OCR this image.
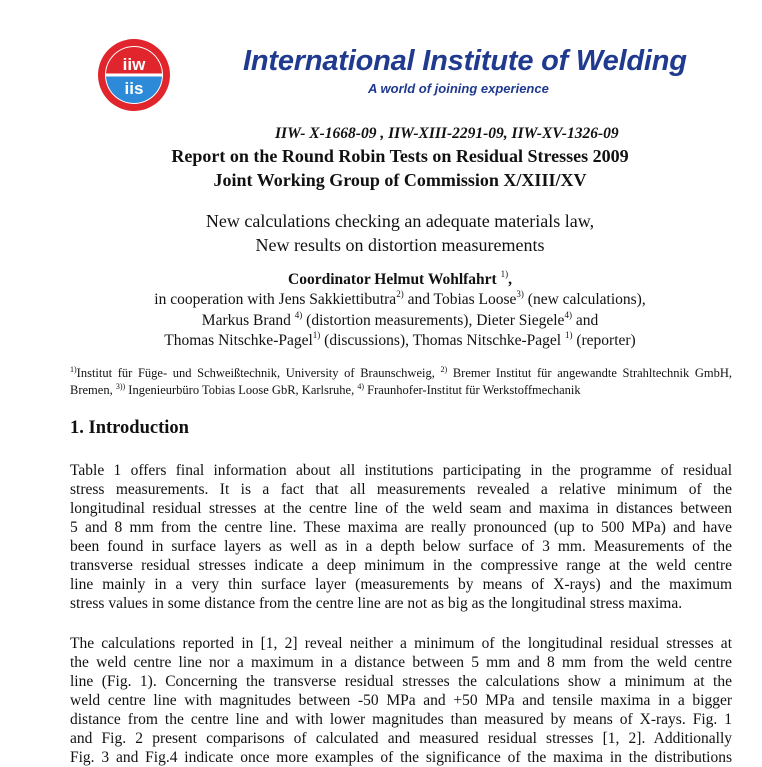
iiw
iis
International Institute of Welding

A world of joining experience

IIW- X-1668-09 , IIW-XIII-2291-09, IIW-XV-1326-09
Report on the Round Robin Tests on Residual Stresses 2009
Joint Working Group of Commission X/XIII/XV
New calculations checking an adequate materials law,
New results on distortion measurements
Coordinator Helmut Wohlfahrt $^{1)}$,
in cooperation with Jens Sakkiettibutra$^{2)}$ and Tobias Loose$^{3)}$ (new calculations),
Markus Brand $^{4)}$ (distortion measurements), Dieter Siegele$^{4)}$ and
Thomas Nitschke-Pagel$^{1)}$ (discussions), Thomas Nitschke-Pagel $^{1)}$ (reporter)
$^{1)}$Institut für Füge- und Schweißtechnik, University of Braunschweig, $^{2)}$ Bremer Institut für angewandte Strahltechnik GmbH, Bremen, $^{3))}$ Ingenieurbüro Tobias Loose GbR, Karlsruhe, $^{4)}$ Fraunhofer-Institut für Werkstoffmechanik
1. Introduction

Table 1 offers final information about all institutions participating in the programme of residual
stress measurements. It is a fact that all measurements revealed a relative minimum of the
longitudinal residual stresses at the centre line of the weld seam and maxima in distances between
5 and 8 mm from the centre line. These maxima are really pronounced (up to 500 MPa) and have
been found in surface layers as well as in a depth below surface of 3 mm. Measurements of the
transverse residual stresses indicate a deep minimum in the compressive range at the weld centre
line mainly in a very thin surface layer (measurements by means of X-rays) and the maximum
stress values in some distance from the centre line are not as big as the longitudinal stress maxima.

The calculations reported in [1, 2] reveal neither a minimum of the longitudinal residual stresses at
the weld centre line nor a maximum in a distance between 5 mm and 8 mm from the weld centre
line (Fig. 1). Concerning the transverse residual stresses the calculations show a minimum at the
weld centre line with magnitudes between -50 MPa and +50 MPa and tensile maxima in a bigger
distance from the centre line and with lower magnitudes than measured by means of X-rays. Fig. 1
and Fig. 2 present comparisons of calculated and measured residual stresses [1, 2]. Additionally
Fig. 3 and Fig.4 indicate once more examples of the significance of the maxima in the distributions
